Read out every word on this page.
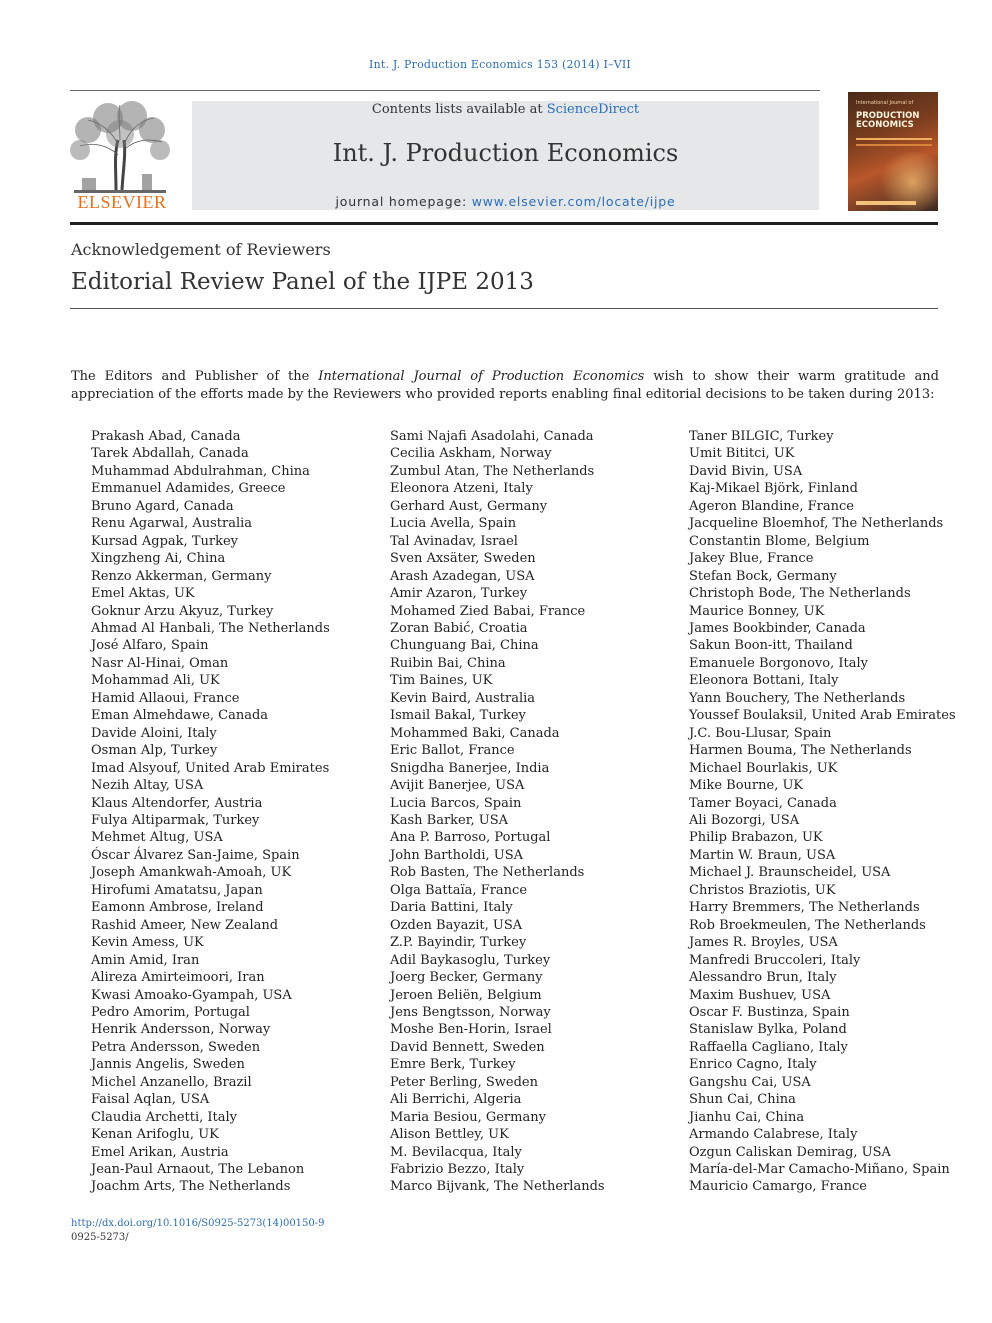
Int. J. Production Economics 153 (2014) I–VII
ELSEVIER
Contents lists available at ScienceDirect
Int. J. Production Economics
journal homepage: www.elsevier.com/locate/ijpe
International Journal of
PRODUCTION ECONOMICS
Acknowledgement of Reviewers
Editorial Review Panel of the IJPE 2013

The Editors and Publisher of the International Journal of Production Economics wish to show their warm gratitude and appreciation of the efforts made by the Reviewers who provided reports enabling final editorial decisions to be taken during 2013:

Prakash Abad, Canada
Tarek Abdallah, Canada
Muhammad Abdulrahman, China
Emmanuel Adamides, Greece
Bruno Agard, Canada
Renu Agarwal, Australia
Kursad Agpak, Turkey
Xingzheng Ai, China
Renzo Akkerman, Germany
Emel Aktas, UK
Goknur Arzu Akyuz, Turkey
Ahmad Al Hanbali, The Netherlands
José Alfaro, Spain
Nasr Al-Hinai, Oman
Mohammad Ali, UK
Hamid Allaoui, France
Eman Almehdawe, Canada
Davide Aloini, Italy
Osman Alp, Turkey
Imad Alsyouf, United Arab Emirates
Nezih Altay, USA
Klaus Altendorfer, Austria
Fulya Altiparmak, Turkey
Mehmet Altug, USA
Óscar Álvarez San-Jaime, Spain
Joseph Amankwah-Amoah, UK
Hirofumi Amatatsu, Japan
Eamonn Ambrose, Ireland
Rashid Ameer, New Zealand
Kevin Amess, UK
Amin Amid, Iran
Alireza Amirteimoori, Iran
Kwasi Amoako-Gyampah, USA
Pedro Amorim, Portugal
Henrik Andersson, Norway
Petra Andersson, Sweden
Jannis Angelis, Sweden
Michel Anzanello, Brazil
Faisal Aqlan, USA
Claudia Archetti, Italy
Kenan Arifoglu, UK
Emel Arikan, Austria
Jean-Paul Arnaout, The Lebanon
Joachm Arts, The Netherlands
Sami Najafi Asadolahi, Canada
Cecilia Askham, Norway
Zumbul Atan, The Netherlands
Eleonora Atzeni, Italy
Gerhard Aust, Germany
Lucia Avella, Spain
Tal Avinadav, Israel
Sven Axsäter, Sweden
Arash Azadegan, USA
Amir Azaron, Turkey
Mohamed Zied Babai, France
Zoran Babić, Croatia
Chunguang Bai, China
Ruibin Bai, China
Tim Baines, UK
Kevin Baird, Australia
Ismail Bakal, Turkey
Mohammed Baki, Canada
Eric Ballot, France
Snigdha Banerjee, India
Avijit Banerjee, USA
Lucia Barcos, Spain
Kash Barker, USA
Ana P. Barroso, Portugal
John Bartholdi, USA
Rob Basten, The Netherlands
Olga Battaïa, France
Daria Battini, Italy
Ozden Bayazit, USA
Z.P. Bayindir, Turkey
Adil Baykasoglu, Turkey
Joerg Becker, Germany
Jeroen Beliën, Belgium
Jens Bengtsson, Norway
Moshe Ben-Horin, Israel
David Bennett, Sweden
Emre Berk, Turkey
Peter Berling, Sweden
Ali Berrichi, Algeria
Maria Besiou, Germany
Alison Bettley, UK
M. Bevilacqua, Italy
Fabrizio Bezzo, Italy
Marco Bijvank, The Netherlands
Taner BILGIC, Turkey
Umit Bititci, UK
David Bivin, USA
Kaj-Mikael Björk, Finland
Ageron Blandine, France
Jacqueline Bloemhof, The Netherlands
Constantin Blome, Belgium
Jakey Blue, France
Stefan Bock, Germany
Christoph Bode, The Netherlands
Maurice Bonney, UK
James Bookbinder, Canada
Sakun Boon-itt, Thailand
Emanuele Borgonovo, Italy
Eleonora Bottani, Italy
Yann Bouchery, The Netherlands
Youssef Boulaksil, United Arab Emirates
J.C. Bou-Llusar, Spain
Harmen Bouma, The Netherlands
Michael Bourlakis, UK
Mike Bourne, UK
Tamer Boyaci, Canada
Ali Bozorgi, USA
Philip Brabazon, UK
Martin W. Braun, USA
Michael J. Braunscheidel, USA
Christos Braziotis, UK
Harry Bremmers, The Netherlands
Rob Broekmeulen, The Netherlands
James R. Broyles, USA
Manfredi Bruccoleri, Italy
Alessandro Brun, Italy
Maxim Bushuev, USA
Oscar F. Bustinza, Spain
Stanislaw Bylka, Poland
Raffaella Cagliano, Italy
Enrico Cagno, Italy
Gangshu Cai, USA
Shun Cai, China
Jianhu Cai, China
Armando Calabrese, Italy
Ozgun Caliskan Demirag, USA
María-del-Mar Camacho-Miñano, Spain
Mauricio Camargo, France
http://dx.doi.org/10.1016/S0925-5273(14)00150-9
0925-5273/
